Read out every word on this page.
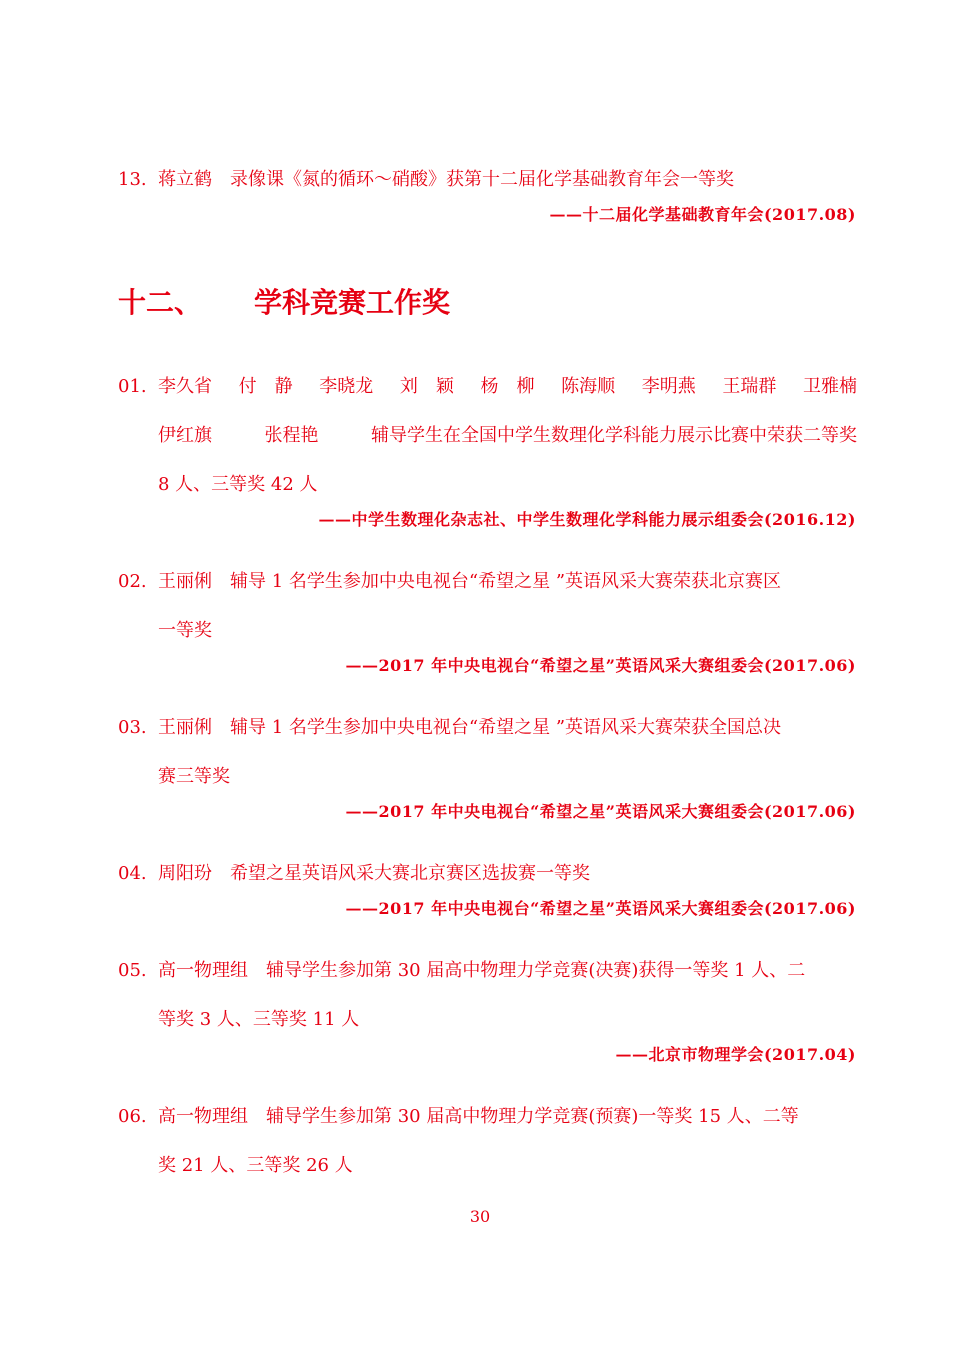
13. 蒋立鹤　录像课《氮的循环～硝酸》获第十二届化学基础教育年会一等奖
——十二届化学基础教育年会(2017.08)
十二、 学科竞赛工作奖
01. 李久省 付　静 李晓龙 刘　颖 杨　柳 陈海顺 李明燕 王瑞群 卫雅楠
伊红旗	张程艳	辅导学生在全国中学生数理化学科能力展示比赛中荣获二等奖
8 人、三等奖 42 人
——中学生数理化杂志社、中学生数理化学科能力展示组委会(2016.12)
02. 王丽俐　辅导 1 名学生参加中央电视台“希望之星 ”英语风采大赛荣获北京赛区
一等奖
——2017 年中央电视台“希望之星”英语风采大赛组委会(2017.06)
03. 王丽俐　辅导 1 名学生参加中央电视台“希望之星 ”英语风采大赛荣获全国总决
赛三等奖
——2017 年中央电视台“希望之星”英语风采大赛组委会(2017.06)
04. 周阳玢　希望之星英语风采大赛北京赛区选拔赛一等奖
——2017 年中央电视台“希望之星”英语风采大赛组委会(2017.06)
05. 高一物理组　辅导学生参加第 30 届高中物理力学竞赛(决赛)获得一等奖 1 人、二
等奖 3 人、三等奖 11 人
——北京市物理学会(2017.04)
06. 高一物理组　辅导学生参加第 30 届高中物理力学竞赛(预赛)一等奖 15 人、二等
奖 21 人、三等奖 26 人
30
